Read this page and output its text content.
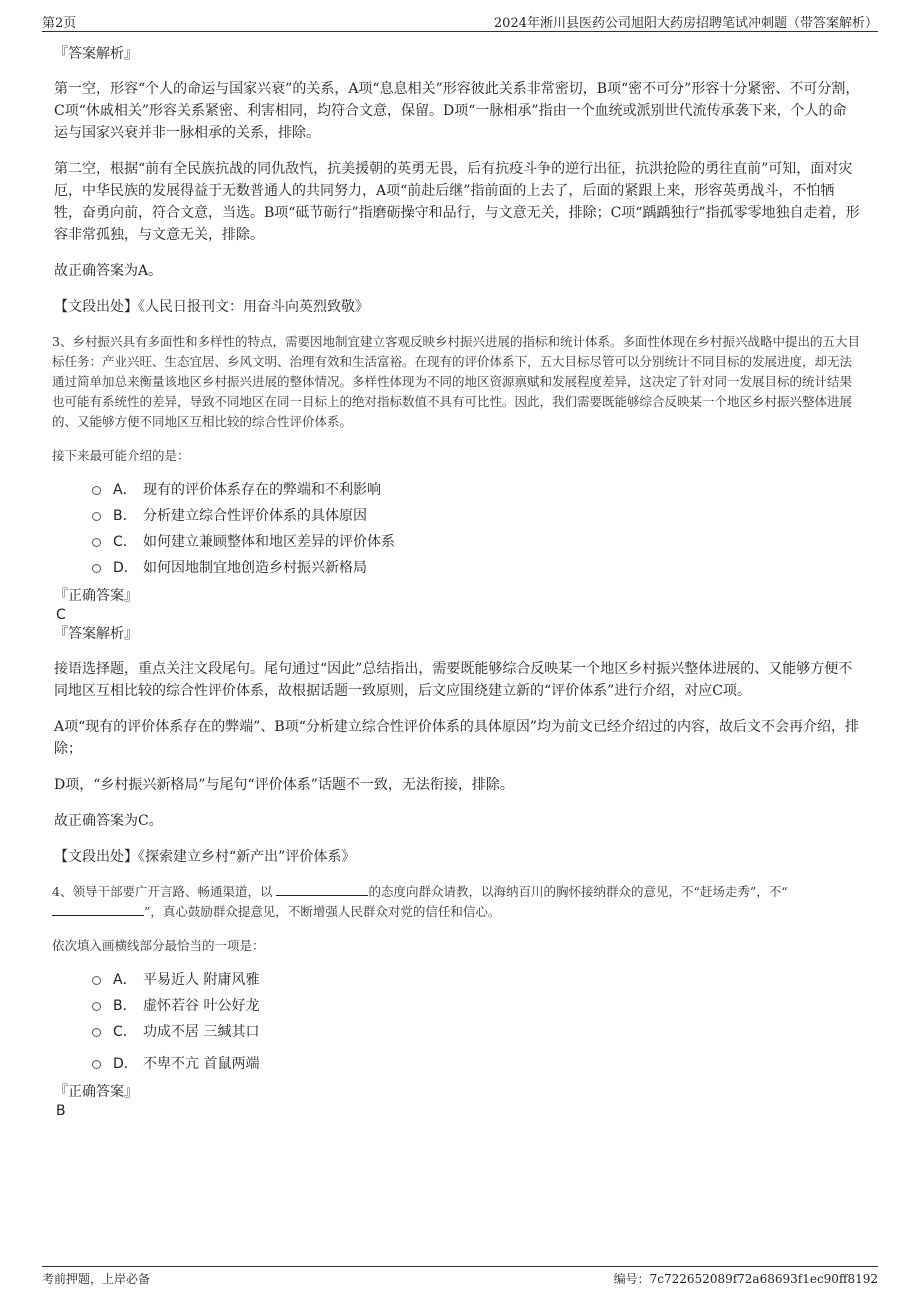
第2页	2024年淅川县医药公司旭阳大药房招聘笔试冲刺题（带答案解析）
『答案解析』

第一空，形容“个人的命运与国家兴衰”的关系，A项“息息相关”形容彼此关系非常密切，B项“密不可分”形容十分紧密、不可分割，C项“休戚相关”形容关系紧密、利害相同，均符合文意，保留。D项“一脉相承”指由一个血统或派别世代流传承袭下来，个人的命运与国家兴衰并非一脉相承的关系，排除。

第二空，根据“前有全民族抗战的同仇敌忾，抗美援朝的英勇无畏，后有抗疫斗争的逆行出征，抗洪抢险的勇往直前”可知，面对灾厄，中华民族的发展得益于无数普通人的共同努力，A项“前赴后继”指前面的上去了，后面的紧跟上来，形容英勇战斗，不怕牺牲，奋勇向前，符合文意，当选。B项“砥节砺行”指磨砺操守和品行，与文意无关，排除；C项“踽踽独行”指孤零零地独自走着，形容非常孤独，与文意无关，排除。

故正确答案为A。

【文段出处】《人民日报刊文：用奋斗向英烈致敬》

3、乡村振兴具有多面性和多样性的特点，需要因地制宜建立客观反映乡村振兴进展的指标和统计体系。多面性体现在乡村振兴战略中提出的五大目标任务：产业兴旺、生态宜居、乡风文明、治理有效和生活富裕。在现有的评价体系下，五大目标尽管可以分别统计不同目标的发展进度，却无法通过简单加总来衡量该地区乡村振兴进展的整体情况。多样性体现为不同的地区资源禀赋和发展程度差异，这决定了针对同一发展目标的统计结果也可能有系统性的差异，导致不同地区在同一目标上的绝对指标数值不具有可比性。因此，我们需要既能够综合反映某一个地区乡村振兴整体进展的、又能够方便不同地区互相比较的综合性评价体系。

接下来最可能介绍的是：

A． 现有的评价体系存在的弊端和不利影响
B． 分析建立综合性评价体系的具体原因
C． 如何建立兼顾整体和地区差异的评价体系
D． 如何因地制宜地创造乡村振兴新格局
『正确答案』
C
『答案解析』

接语选择题，重点关注文段尾句。尾句通过“因此”总结指出，需要既能够综合反映某一个地区乡村振兴整体进展的、又能够方便不同地区互相比较的综合性评价体系，故根据话题一致原则，后文应围绕建立新的“评价体系”进行介绍，对应C项。

A项“现有的评价体系存在的弊端”、B项“分析建立综合性评价体系的具体原因”均为前文已经介绍过的内容，故后文不会再介绍，排除；

D项，“乡村振兴新格局”与尾句“评价体系”话题不一致，无法衔接，排除。

故正确答案为C。

【文段出处】《探索建立乡村“新产出”评价体系》

4、领导干部要广开言路、畅通渠道，以	的态度向群众请教，以海纳百川的胸怀接纳群众的意见，不“赶场走秀”，不“
”，真心鼓励群众提意见，不断增强人民群众对党的信任和信心。

依次填入画横线部分最恰当的一项是：

A． 平易近人 附庸风雅
B． 虚怀若谷 叶公好龙
C． 功成不居 三缄其口
D． 不卑不亢 首鼠两端
『正确答案』
B
考前押题，上岸必备	编号：7c722652089f72a68693f1ec90ff8192
